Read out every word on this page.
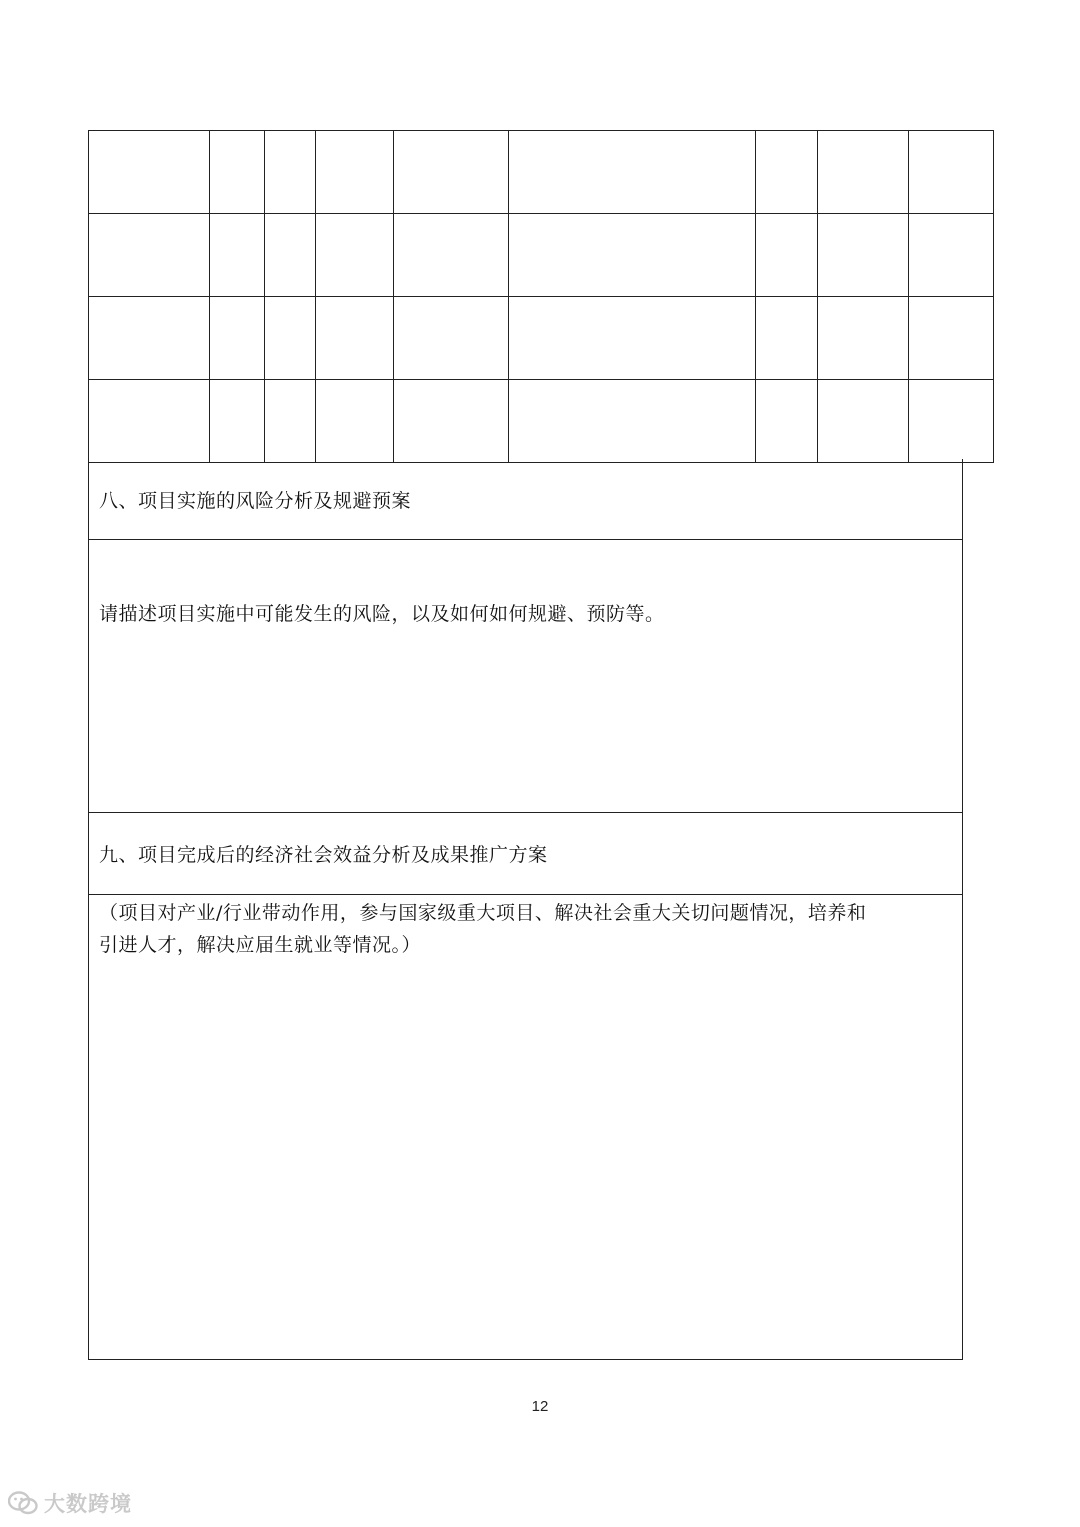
八、项目实施的风险分析及规避预案
请描述项目实施中可能发生的风险，以及如何如何规避、预防等。
九、项目完成后的经济社会效益分析及成果推广方案
（项目对产业/行业带动作用，参与国家级重大项目、解决社会重大关切问题情况，培养和
引进人才，解决应届生就业等情况。）
12
大数跨境
